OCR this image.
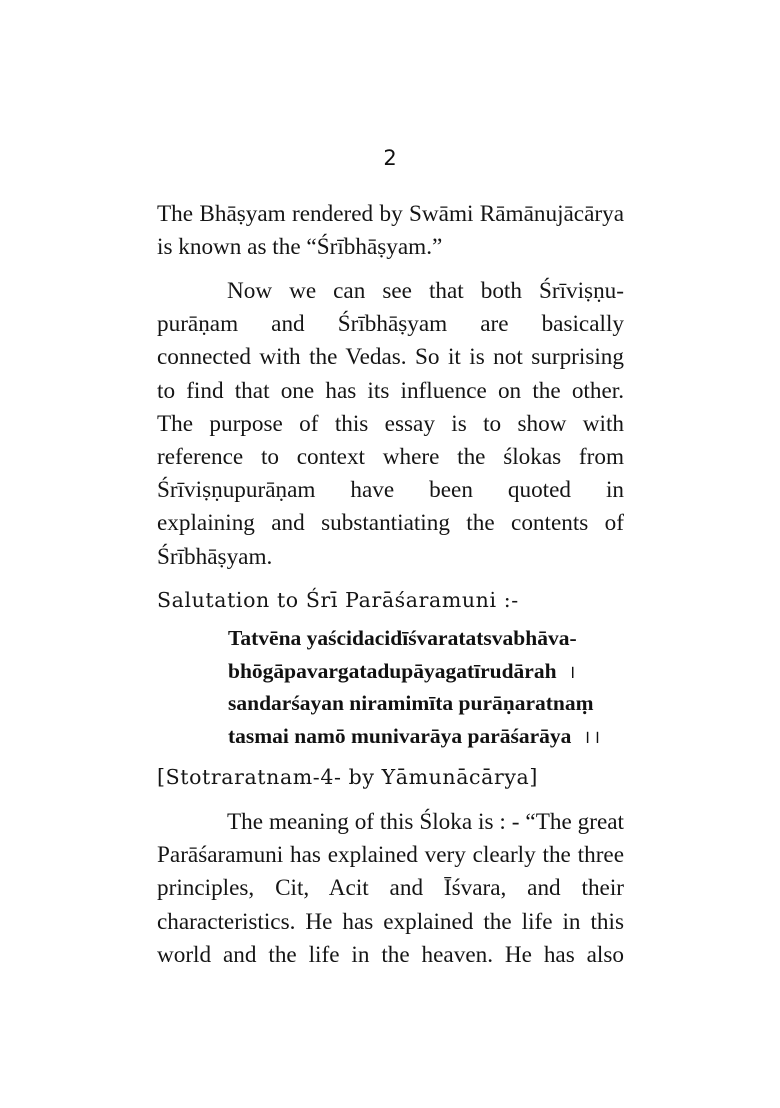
2
The Bhāṣyam rendered by Swāmi Rāmānujācārya
is known as the “Śrībhāṣyam.”
Now we can see that both Śrīviṣṇu-
purāṇam and Śrībhāṣyam are basically
connected with the Vedas. So it is not surprising
to find that one has its influence on the other.
The purpose of this essay is to show with
reference to context where the ślokas from
Śrīviṣṇupurāṇam have been quoted in
explaining and substantiating the contents of
Śrībhāṣyam.
Salutation to Śrī Parāśaramuni :-
Tatvēna yaścidacidīśvaratatsvabhāva-
bhōgāpavargatadupāyagatīrudārah ।
sandarśayan niramimīta purāṇaratnaṃ
tasmai namō munivarāya parāśarāya ।।
[Stotraratnam-4- by Yāmunācārya]
The meaning of this Śloka is : - “The great
Parāśaramuni has explained very clearly the three
principles, Cit, Acit and Īśvara, and their
characteristics. He has explained the life in this
world and the life in the heaven. He has also
